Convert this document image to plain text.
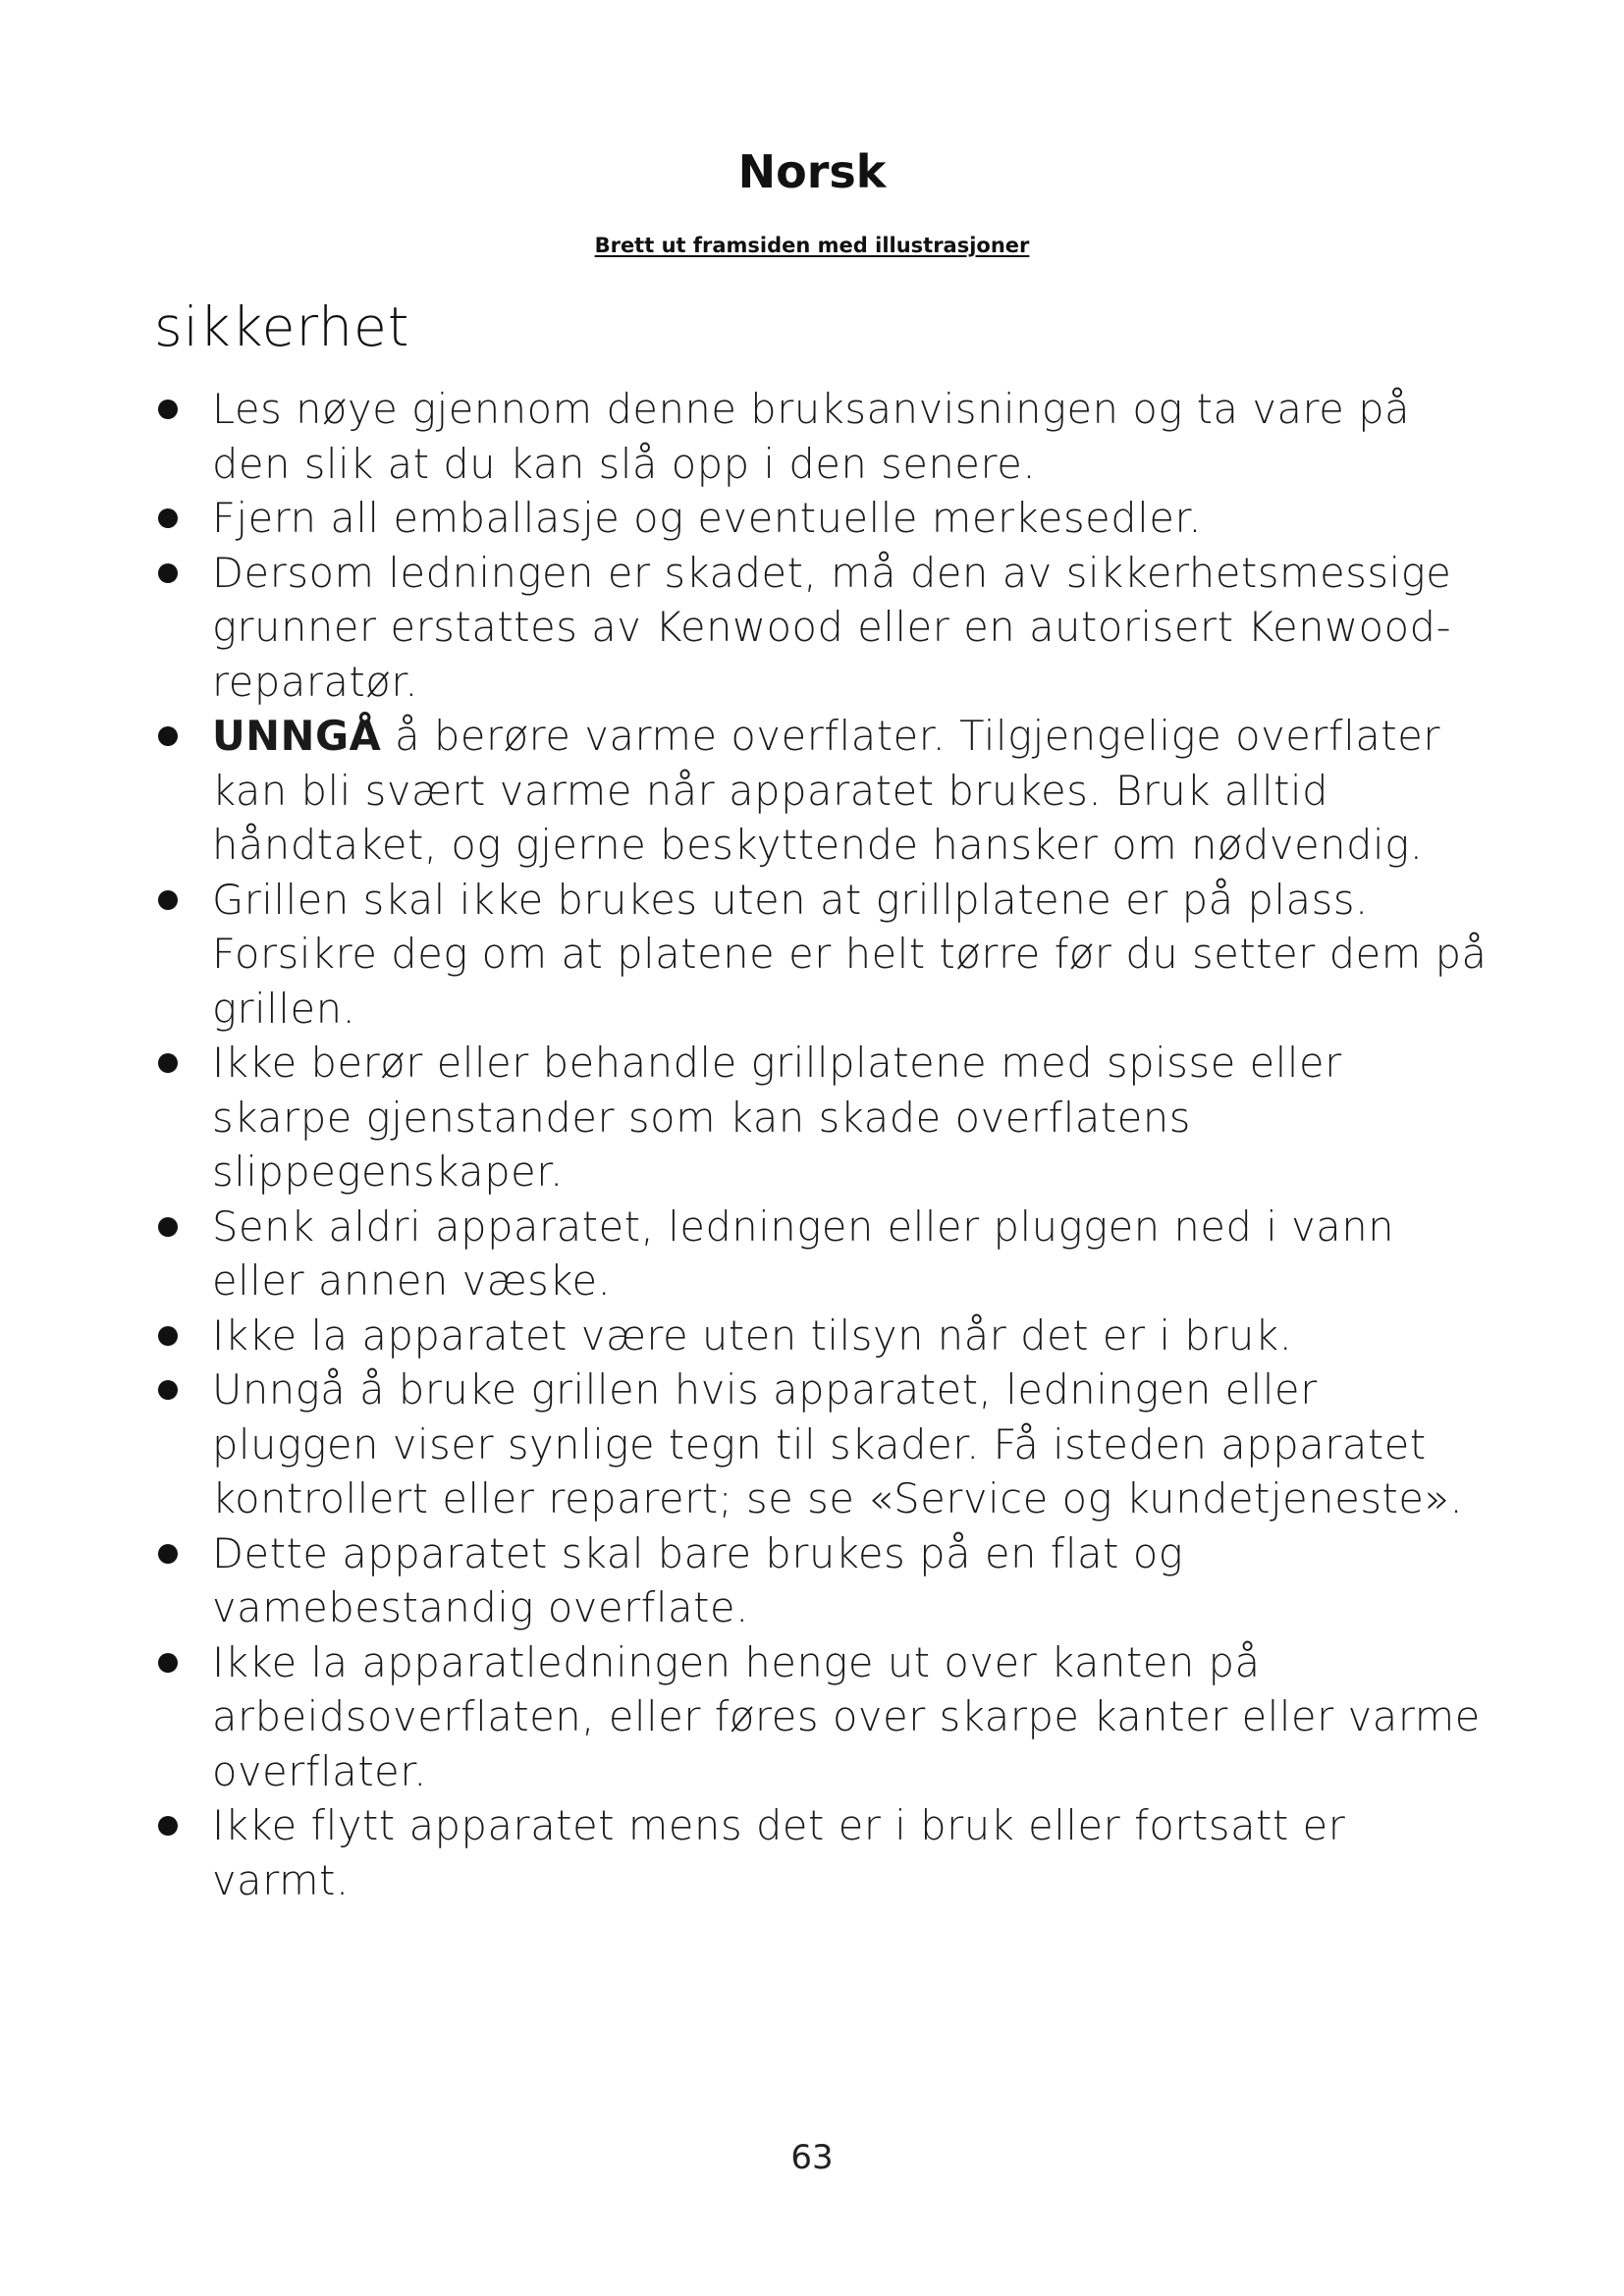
Norsk
Brett ut framsiden med illustrasjoner
sikkerhet
Les nøye gjennom denne bruksanvisningen og ta vare på den slik at du kan slå opp i den senere.
Fjern all emballasje og eventuelle merkesedler.
Dersom ledningen er skadet, må den av sikkerhetsmessige grunner erstattes av Kenwood eller en autorisert Kenwood-reparatør.
UNNGÅ å berøre varme overflater. Tilgjengelige overflater kan bli svært varme når apparatet brukes. Bruk alltid håndtaket, og gjerne beskyttende hansker om nødvendig.
Grillen skal ikke brukes uten at grillplatene er på plass. Forsikre deg om at platene er helt tørre før du setter dem på grillen.
Ikke berør eller behandle grillplatene med spisse eller skarpe gjenstander som kan skade overflatens slippegenskaper.
Senk aldri apparatet, ledningen eller pluggen ned i vann eller annen væske.
Ikke la apparatet være uten tilsyn når det er i bruk.
Unngå å bruke grillen hvis apparatet, ledningen eller pluggen viser synlige tegn til skader. Få isteden apparatet kontrollert eller reparert; se se «Service og kundetjeneste».
Dette apparatet skal bare brukes på en flat og vamebestandig overflate.
Ikke la apparatledningen henge ut over kanten på arbeidsoverflaten, eller føres over skarpe kanter eller varme overflater.
Ikke flytt apparatet mens det er i bruk eller fortsatt er varmt.
63
